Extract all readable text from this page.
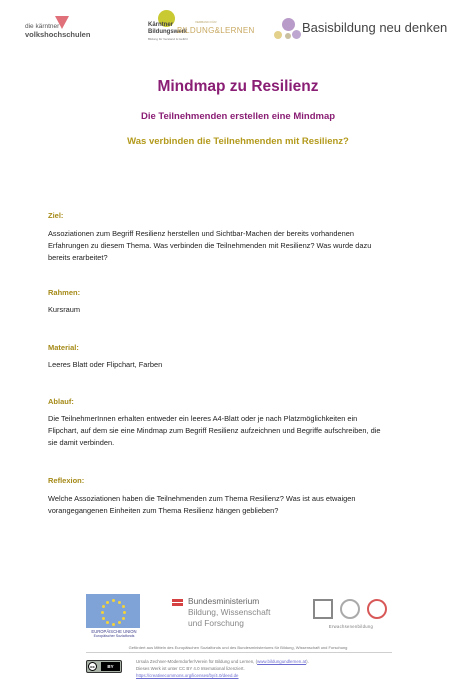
die kärntner
volkshochschulen
Kärntner
Bildungswerk
Bildung für Verstand & Gefühl
VERBAND FÜR
BILDUNG&LERNEN	Basisbildung neu denken
Mindmap zu Resilienz
Die Teilnehmenden erstellen eine Mindmap
Was verbinden die Teilnehmenden mit Resilienz?
Ziel:
Assoziationen zum Begriff Resilienz herstellen und Sichtbar-Machen der bereits vorhandenen
Erfahrungen zu diesem Thema. Was verbinden die Teilnehmenden mit Resilienz? Was wurde dazu
bereits erarbeitet?
Rahmen:
Kursraum
Material:
Leeres Blatt oder Flipchart, Farben
Ablauf:
Die TeilnehmerInnen erhalten entweder ein leeres A4-Blatt oder je nach Platzmöglichkeiten ein
Flipchart, auf dem sie eine Mindmap zum Begriff Resilienz aufzeichnen und Begriffe aufschreiben, die
sie damit verbinden.
Reflexion:
Welche Assoziationen haben die Teilnehmenden zum Thema Resilienz? Was ist aus etwaigen
vorangegangenen Einheiten zum Thema Resilienz hängen geblieben?
EUROPÄISCHE UNION
Europäischer Sozialfonds
Bundesministerium
Bildung, Wissenschaft
und Forschung	Erwachsenenbildung
Gefördert aus Mitteln des Europäischen Sozialfonds und des Bundesministeriums für Bildung, Wissenschaft und Forschung
cc	BY
Ursula Zechner-Möderndorfer/Verein für Bildung und Lernen, (www.bildungundlernen.at).
Dieses Werk ist unter CC BY 4.0 International lizenziert.
https://creativecommons.org/licenses/by/4.0/deed.de
